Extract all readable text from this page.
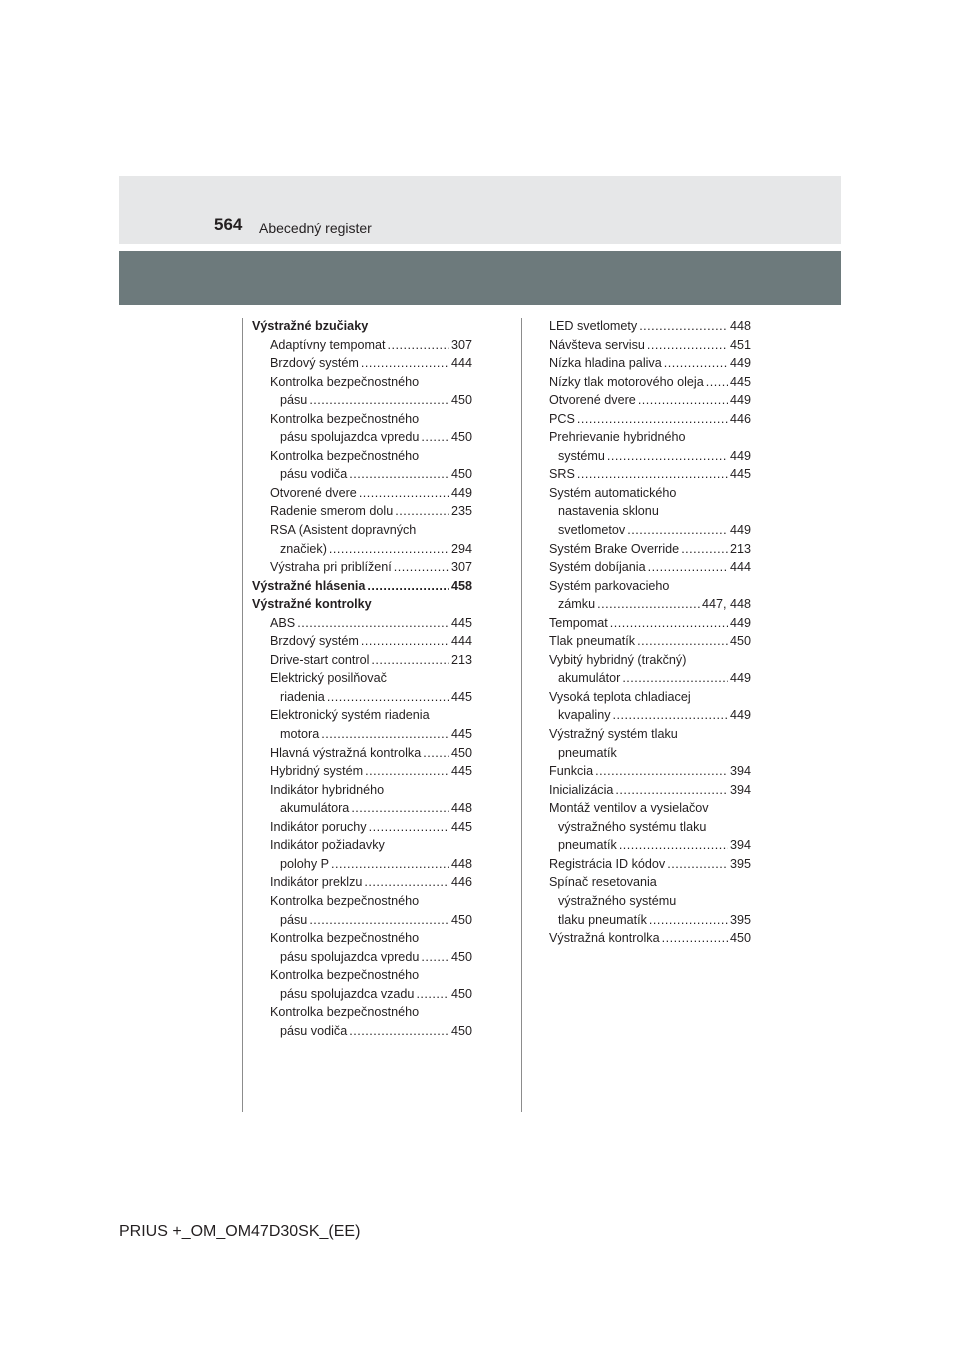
564 Abecedný register
Výstražné bzučiaky
Adaptívny tempomat .....	307
Brzdový systém .....	444
Kontrolka bezpečnostného
pásu .....	450
Kontrolka bezpečnostného
pásu spolujazdca vpredu .....	450
Kontrolka bezpečnostného
pásu vodiča .....	450
Otvorené dvere .....	449
Radenie smerom dolu .....	235
RSA (Asistent dopravných
značiek) .....	294
Výstraha pri priblížení .....	307
Výstražné hlásenia .....	458
Výstražné kontrolky
ABS .....	445
Brzdový systém .....	444
Drive-start control .....	213
Elektrický posilňovač
riadenia .....	445
Elektronický systém riadenia
motora .....	445
Hlavná výstražná kontrolka ..... 450
Hybridný systém .....	445
Indikátor hybridného
akumulátora .....	448
Indikátor poruchy .....	445
Indikátor požiadavky
polohy P .....	448
Indikátor preklzu .....	446
Kontrolka bezpečnostného
pásu .....	450
Kontrolka bezpečnostného
pásu spolujazdca vpredu .....	450
Kontrolka bezpečnostného
pásu spolujazdca vzadu .....	450
Kontrolka bezpečnostného
pásu vodiča .....	450
LED svetlomety .....	448
Návšteva servisu .....	451
Nízka hladina paliva .....	449
Nízky tlak motorového oleja ..... 445
Otvorené dvere .....	449
PCS .....	446
Prehrievanie hybridného
systému .....	449
SRS .....	445
Systém automatického
nastavenia sklonu
svetlometov .....	449
Systém Brake Override .....	213
Systém dobíjania .....	444
Systém parkovacieho
zámku .....	447, 448
Tempomat .....	449
Tlak pneumatík .....	450
Vybitý hybridný (trakčný)
akumulátor .....	449
Vysoká teplota chladiacej
kvapaliny .....	449
Výstražný systém tlaku
pneumatík
Funkcia .....	394
Inicializácia .....	394
Montáž ventilov a vysielačov
výstražného systému tlaku
pneumatík .....	394
Registrácia ID kódov .....	395
Spínač resetovania
výstražného systému
tlaku pneumatík .....	395
Výstražná kontrolka .....	450
PRIUS +_OM_OM47D30SK_(EE)
